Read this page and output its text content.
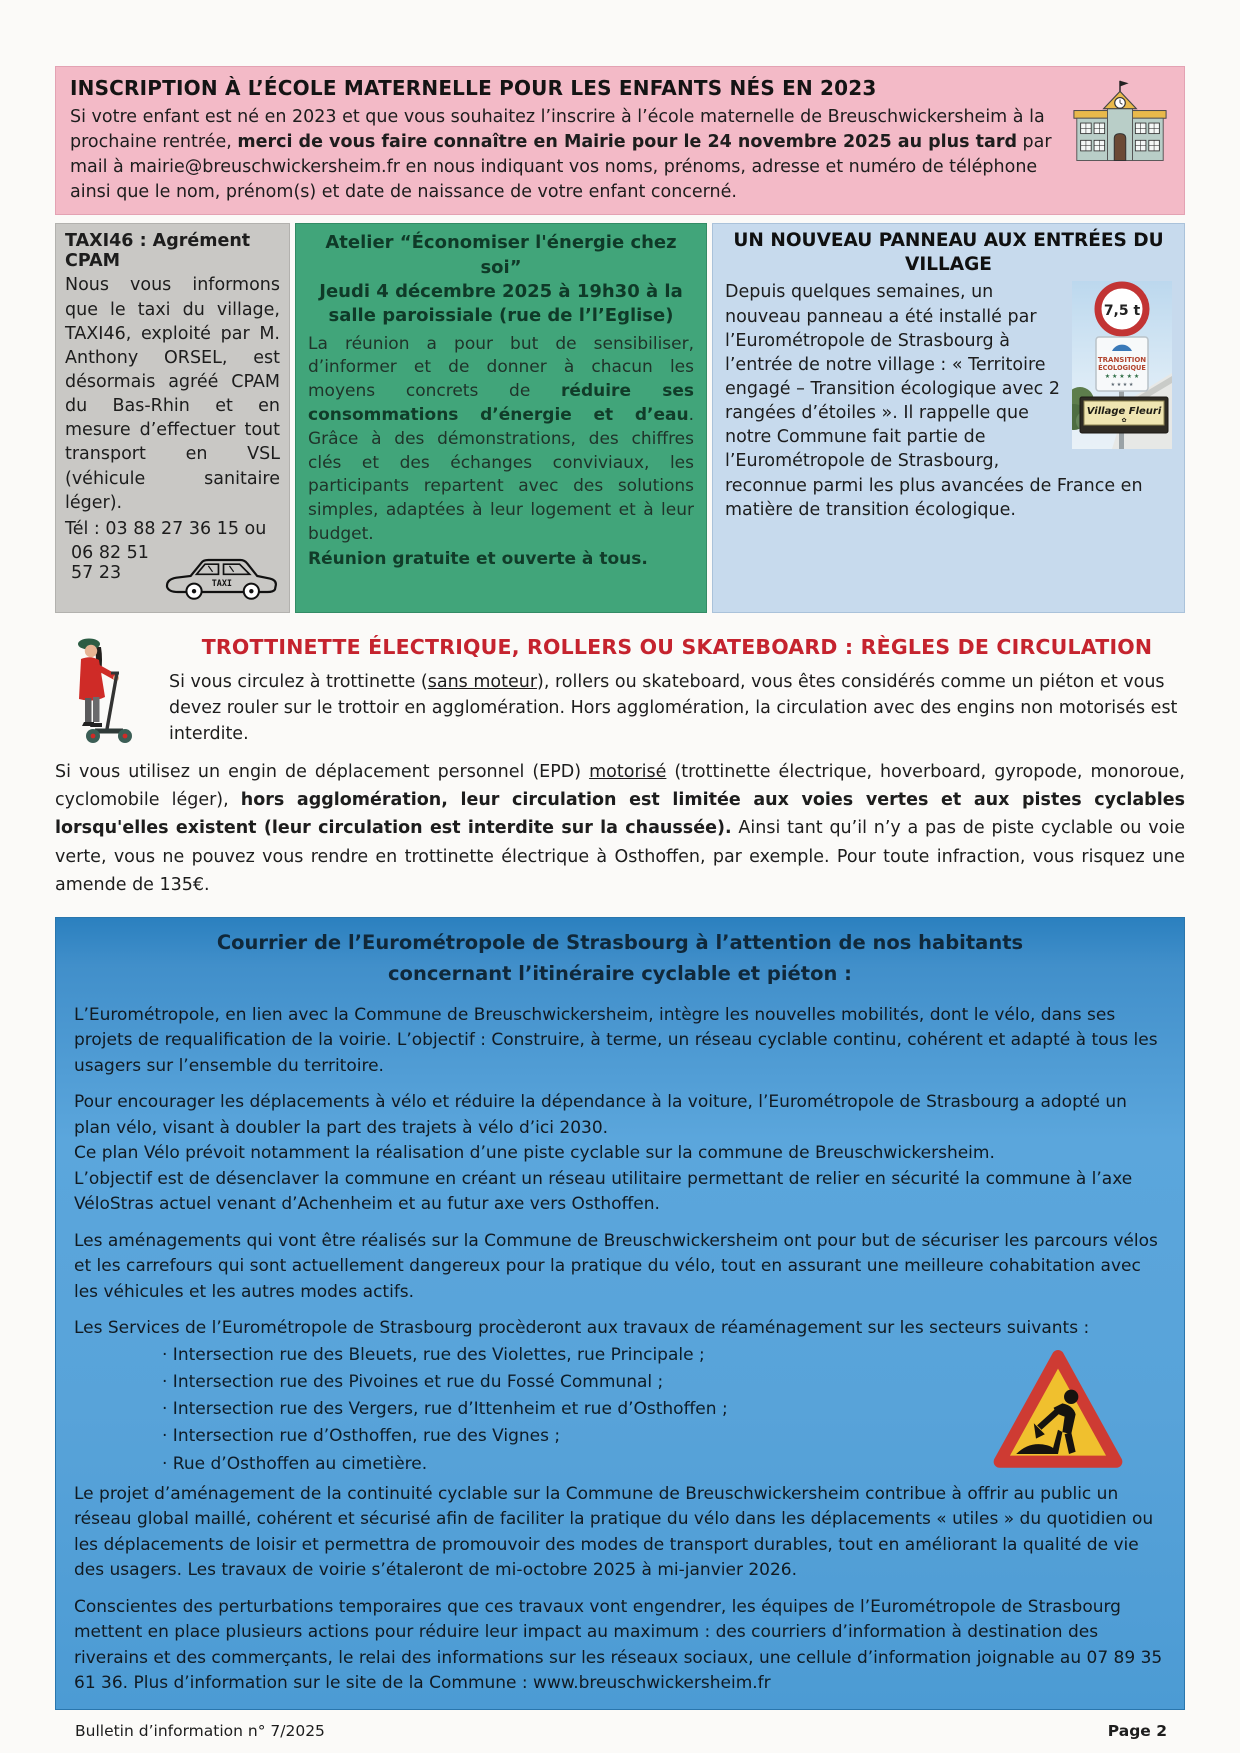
INSCRIPTION À L’ÉCOLE MATERNELLE POUR LES ENFANTS NÉS EN 2023

Si votre enfant est né en 2023 et que vous souhaitez l’inscrire à l’école maternelle de Breuschwickersheim à la prochaine rentrée, merci de vous faire connaître en Mairie pour le 24 novembre 2025 au plus tard par mail à mairie@breuschwickersheim.fr en nous indiquant vos noms, prénoms, adresse et numéro de téléphone ainsi que le nom, prénom(s) et date de naissance de votre enfant concerné.

TAXI46 : Agrément CPAM

Nous vous informons que le taxi du village, TAXI46, exploité par M. Anthony ORSEL, est désormais agréé CPAM du Bas-Rhin et en mesure d’effectuer tout transport en VSL (véhicule sanitaire léger).

Tél : 03 88 27 36 15 ou

06 82 51 57 23
TAXI
Atelier “Économiser l'énergie chez soi”
Jeudi 4 décembre 2025 à 19h30 à la salle paroissiale (rue de l’l’Eglise)
La réunion a pour but de sensibiliser, d’informer et de donner à chacun les moyens concrets de réduire ses consommations d’énergie et d’eau. Grâce à des démonstrations, des chiffres clés et des échanges conviviaux, les participants repartent avec des solutions simples, adaptées à leur logement et à leur budget.
Réunion gratuite et ouverte à tous.
UN NOUVEAU PANNEAU AUX ENTRÉES DU VILLAGE
7,5 t
TRANSITION
ÉCOLOGIQUE
★ ★ ★ ★ ★
★ ★ ★ ★
Village Fleuri
✿
Depuis quelques semaines, un nouveau panneau a été installé par l’Eurométropole de Strasbourg à l’entrée de notre village : « Territoire engagé – Transition écologique avec 2 rangées d’étoiles ». Il rappelle que notre Commune fait partie de l’Eurométropole de Strasbourg, reconnue parmi les plus avancées de France en matière de transition écologique.
TROTTINETTE ÉLECTRIQUE, ROLLERS OU SKATEBOARD : RÈGLES DE CIRCULATION

Si vous circulez à trottinette (sans moteur), rollers ou skateboard, vous êtes considérés comme un piéton et vous devez rouler sur le trottoir en agglomération. Hors agglomération, la circulation avec des engins non motorisés est interdite.

Si vous utilisez un engin de déplacement personnel (EPD) motorisé (trottinette électrique, hoverboard, gyropode, monoroue, cyclomobile léger), hors agglomération, leur circulation est limitée aux voies vertes et aux pistes cyclables lorsqu'elles existent (leur circulation est interdite sur la chaussée). Ainsi tant qu’il n’y a pas de piste cyclable ou voie verte, vous ne pouvez vous rendre en trottinette électrique à Osthoffen, par exemple. Pour toute infraction, vous risquez une amende de 135€.

Courrier de l’Eurométropole de Strasbourg à l’attention de nos habitants
concernant l’itinéraire cyclable et piéton :

L’Eurométropole, en lien avec la Commune de Breuschwickersheim, intègre les nouvelles mobilités, dont le vélo, dans ses projets de requalification de la voirie. L’objectif : Construire, à terme, un réseau cyclable continu, cohérent et adapté à tous les usagers sur l’ensemble du territoire.

Pour encourager les déplacements à vélo et réduire la dépendance à la voiture, l’Eurométropole de Strasbourg a adopté un plan vélo, visant à doubler la part des trajets à vélo d’ici 2030.

Ce plan Vélo prévoit notamment la réalisation d’une piste cyclable sur la commune de Breuschwickersheim.

L’objectif est de désenclaver la commune en créant un réseau utilitaire permettant de relier en sécurité la commune à l’axe VéloStras actuel venant d’Achenheim et au futur axe vers Osthoffen.

Les aménagements qui vont être réalisés sur la Commune de Breuschwickersheim ont pour but de sécuriser les parcours vélos et les carrefours qui sont actuellement dangereux pour la pratique du vélo, tout en assurant une meilleure cohabitation avec les véhicules et les autres modes actifs.

Les Services de l’Eurométropole de Strasbourg procèderont aux travaux de réaménagement sur les secteurs suivants :

· Intersection rue des Bleuets, rue des Violettes, rue Principale ;
· Intersection rue des Pivoines et rue du Fossé Communal ;
· Intersection rue des Vergers, rue d’Ittenheim et rue d’Osthoffen ;
· Intersection rue d’Osthoffen, rue des Vignes ;
· Rue d’Osthoffen au cimetière.

Le projet d’aménagement de la continuité cyclable sur la Commune de Breuschwickersheim contribue à offrir au public un réseau global maillé, cohérent et sécurisé afin de faciliter la pratique du vélo dans les déplacements « utiles » du quotidien ou les déplacements de loisir et permettra de promouvoir des modes de transport durables, tout en améliorant la qualité de vie des usagers. Les travaux de voirie s’étaleront de mi-octobre 2025 à mi-janvier 2026.

Conscientes des perturbations temporaires que ces travaux vont engendrer, les équipes de l’Eurométropole de Strasbourg mettent en place plusieurs actions pour réduire leur impact au maximum : des courriers d’information à destination des riverains et des commerçants, le relai des informations sur les réseaux sociaux, une cellule d’information joignable au 07 89 35 61 36. Plus d’information sur le site de la Commune : www.breuschwickersheim.fr

Bulletin d’information n° 7/2025	Page 2
